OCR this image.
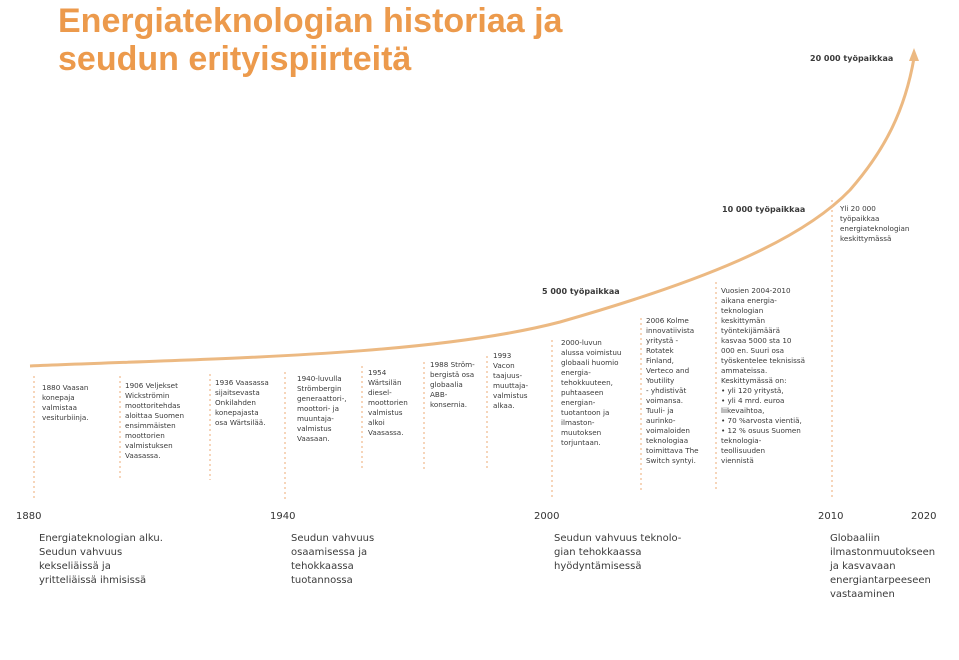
Energiateknologian historiaa ja
seudun erityispiirteitä	20 000 työpaikkaa
10 000 työpaikkaa
5 000 työpaikkaa
1880 Vaasan
konepaja
valmistaa
vesiturbiinja.
1906 Veljekset
Wickströmin
moottoritehdas
aloittaa Suomen
ensimmäisten
moottorien
valmistuksen
Vaasassa.
1936 Vaasassa
sijaitsevasta
Onkilahden
konepajasta
osa Wärtsilää.
1940-luvulla
Strömbergin
generaattori-,
moottori- ja
muuntaja-
valmistus
Vaasaan.
1954
Wärtsilän
diesel-
moottorien
valmistus
alkoi
Vaasassa.
1988 Ström-
bergistä osa
globaalia
ABB-
konsernia.
1993
Vacon
taajuus-
muuttaja-
valmistus
alkaa.
2000-luvun
alussa voimistuu
globaali huomio
energia-
tehokkuuteen,
puhtaaseen
energian-
tuotantoon ja
ilmaston-
muutoksen
torjuntaan.
2006 Kolme
innovatiivista
yritystä -
Rotatek
Finland,
Verteco and
Youtility
- yhdistivät
voimansa.
Tuuli- ja
aurinko-
voimaloiden
teknologiaa
toimittava The
Switch syntyi.
Vuosien 2004-2010
aikana energia-
teknologian
keskittymän
työntekijämäärä
kasvaa 5000 sta 10
000 en. Suuri osa
työskentelee teknisissä
ammateissa.
Keskittymässä on:
• yli 120 yritystä,
• yli 4 mrd. euroa
liikevaihtoa,
• 70 %arvosta vientiä,
• 12 % osuus Suomen
teknologia-
teollisuuden
viennistä
Yli 20 000
työpaikkaa
energiateknologian
keskittymässä
1880	1940	2000	2010	2020
Energiateknologian alku.
Seudun vahvuus
kekseliäissä ja
yritteliäissä ihmisissä
Seudun vahvuus
osaamisessa ja
tehokkaassa
tuotannossa
Seudun vahvuus teknolo-
gian tehokkaassa
hyödyntämisessä
Globaaliin
ilmastonmuutokseen
ja kasvavaan
energiantarpeeseen
vastaaminen
